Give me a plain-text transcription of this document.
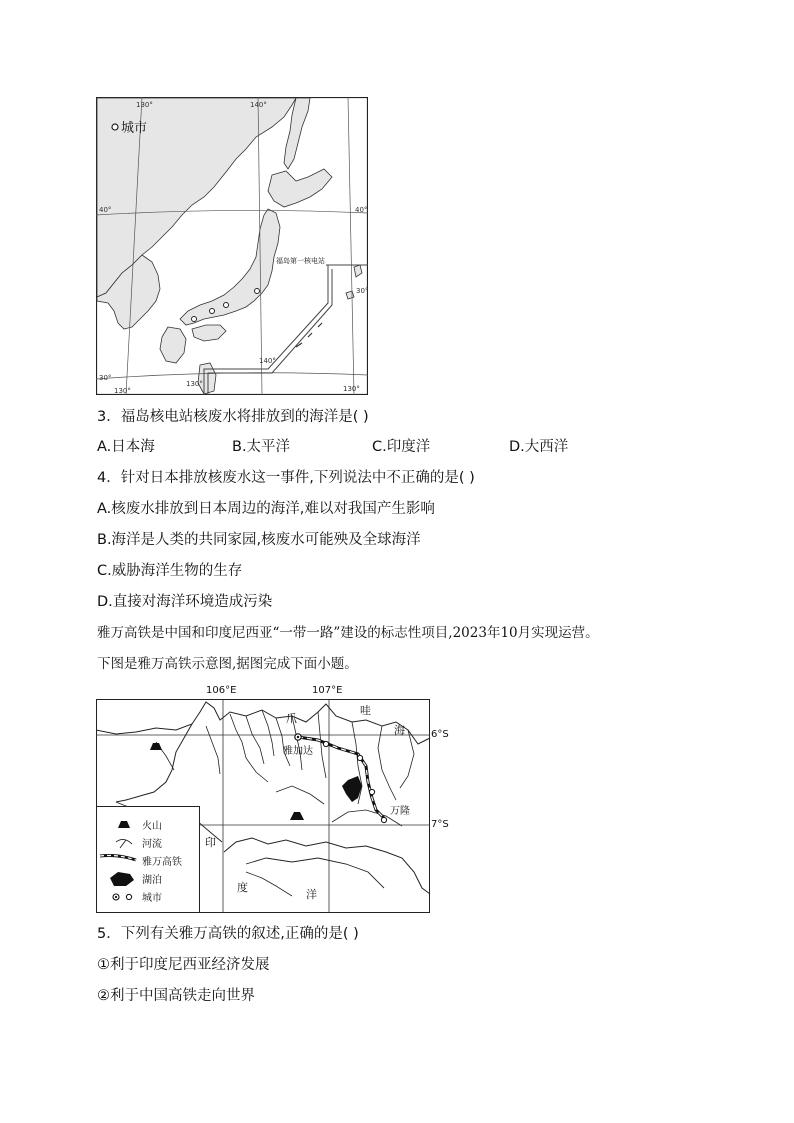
城市
130°	140°
40°	40°
30°
130°
30°
130°
140°
130°
福岛第一核电站
3．福岛核电站核废水将排放到的海洋是( )
A.日本海	B.太平洋	C.印度洋	D.大西洋
4．针对日本排放核废水这一事件,下列说法中不正确的是( )
A.核废水排放到日本周边的海洋,难以对我国产生影响
B.海洋是人类的共同家园,核废水可能殃及全球海洋
C.威胁海洋生物的生存
D.直接对海洋环境造成污染
雅万高铁是中国和印度尼西亚“一带一路”建设的标志性项目,2023年10月实现运营。
下图是雅万高铁示意图,据图完成下面小题。
106°E	107°E
爪
哇
海
印
度
洋
雅加达
万隆
火山
河流
雅万高铁
湖泊
城市
6°S
7°S
5．下列有关雅万高铁的叙述,正确的是( )
①利于印度尼西亚经济发展
②利于中国高铁走向世界
